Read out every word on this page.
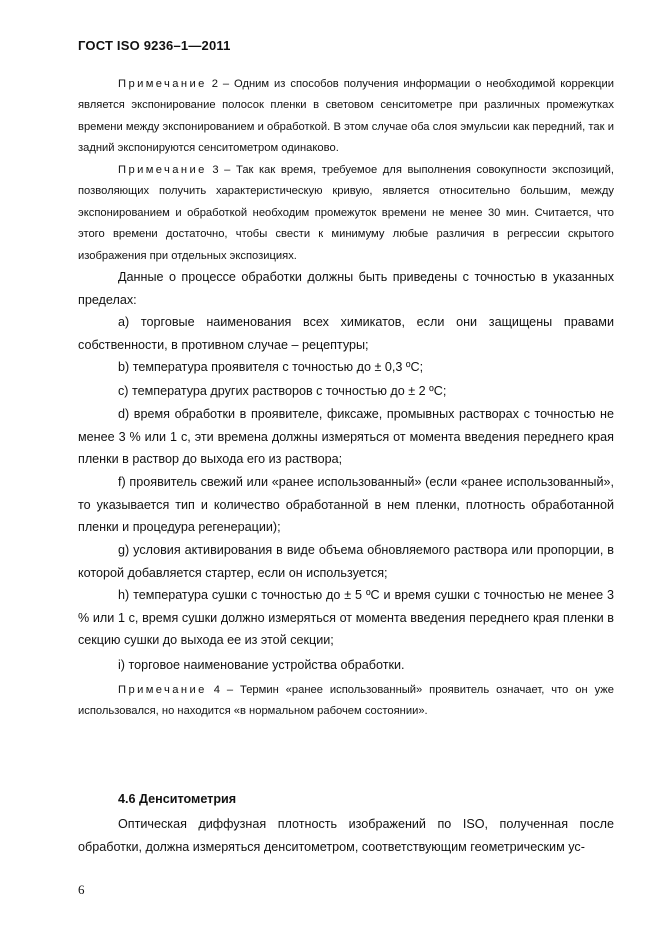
ГОСТ ISO 9236–1—2011

Примечание 2 – Одним из способов получения информации о необходимой коррекции является экспонирование полосок пленки в световом сенситометре при различных промежутках времени между экспонированием и обработкой. В этом случае оба слоя эмульсии как передний, так и задний экспонируются сенситометром одинаково.

Примечание 3 – Так как время, требуемое для выполнения совокупности экспозиций, позволяющих получить характеристическую кривую, является относительно большим, между экспонированием и обработкой необходим промежуток времени не менее 30 мин. Считается, что этого времени достаточно, чтобы свести к минимуму любые различия в регрессии скрытого изображения при отдельных экспозициях.

Данные о процессе обработки должны быть приведены с точностью в указанных пределах:

а) торговые наименования всех химикатов, если они защищены правами собственности, в противном случае – рецептуры;

b) температура проявителя с точностью до ± 0,3 ºС;

c) температура других растворов с точностью до ± 2 ºС;

d) время обработки в проявителе, фиксаже, промывных растворах с точностью не менее 3 % или 1 с, эти времена должны измеряться от момента введения переднего края пленки в раствор до выхода его из раствора;

f) проявитель свежий или «ранее использованный» (если «ранее использованный», то указывается тип и количество обработанной в нем пленки, плотность обработанной пленки и процедура регенерации);

g) условия активирования в виде объема обновляемого раствора или пропорции, в которой добавляется стартер, если он используется;

h) температура сушки с точностью до ± 5 ºС и время сушки с точностью не менее 3 % или 1 с, время сушки должно измеряться от момента введения переднего края пленки в секцию сушки до выхода ее из этой секции;

i) торговое наименование устройства обработки.

Примечание 4 – Термин «ранее использованный» проявитель означает, что он уже использовался, но находится «в нормальном рабочем состоянии».

4.6 Денситометрия

Оптическая диффузная плотность изображений по ISO, полученная после обработки, должна измеряться денситометром, соответствующим геометрическим ус-

6
